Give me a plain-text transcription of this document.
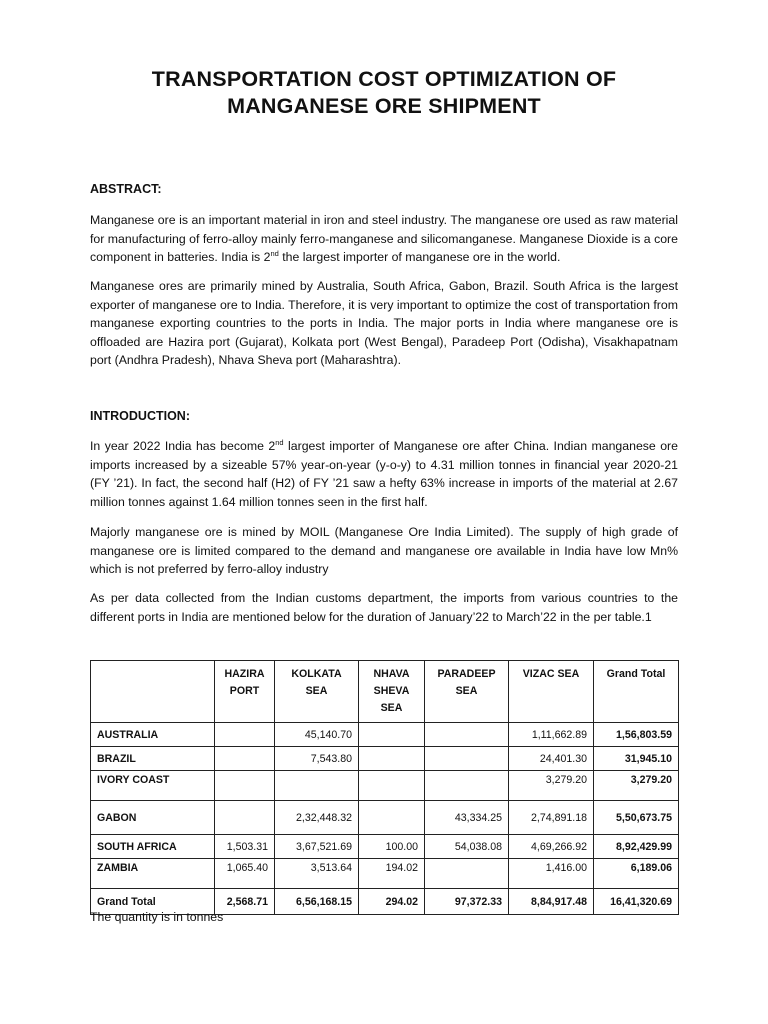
TRANSPORTATION COST OPTIMIZATION OF
MANGANESE ORE SHIPMENT
ABSTRACT:

Manganese ore is an important material in iron and steel industry. The manganese ore used as raw material for manufacturing of ferro-alloy mainly ferro-manganese and silicomanganese. Manganese Dioxide is a core component in batteries. India is 2nd the largest importer of manganese ore in the world.

Manganese ores are primarily mined by Australia, South Africa, Gabon, Brazil. South Africa is the largest exporter of manganese ore to India. Therefore, it is very important to optimize the cost of transportation from manganese exporting countries to the ports in India. The major ports in India where manganese ore is offloaded are Hazira port (Gujarat), Kolkata port (West Bengal), Paradeep Port (Odisha), Visakhapatnam port (Andhra Pradesh), Nhava Sheva port (Maharashtra).

INTRODUCTION:

In year 2022 India has become 2nd largest importer of Manganese ore after China. Indian manganese ore imports increased by a sizeable 57% year-on-year (y-o-y) to 4.31 million tonnes in financial year 2020-21 (FY ’21). In fact, the second half (H2) of FY ’21 saw a hefty 63% increase in imports of the material at 2.67 million tonnes against 1.64 million tonnes seen in the first half.

Majorly manganese ore is mined by MOIL (Manganese Ore India Limited). The supply of high grade of manganese ore is limited compared to the demand and manganese ore available in India have low Mn% which is not preferred by ferro-alloy industry

As per data collected from the Indian customs department, the imports from various countries to the different ports in India are mentioned below for the duration of January’22 to March’22 in the per table.1

	HAZIRA
PORT	KOLKATA SEA	NHAVA
SHEVA
SEA	PARADEEP
SEA	VIZAC SEA	Grand Total
AUSTRALIA		45,140.70			1,11,662.89	1,56,803.59
BRAZIL		7,543.80			24,401.30	31,945.10
IVORY COAST					3,279.20	3,279.20
GABON		2,32,448.32		43,334.25	2,74,891.18	5,50,673.75
SOUTH AFRICA	1,503.31	3,67,521.69	100.00	54,038.08	4,69,266.92	8,92,429.99
ZAMBIA	1,065.40	3,513.64	194.02		1,416.00	6,189.06
Grand Total	2,568.71	6,56,168.15	294.02	97,372.33	8,84,917.48	16,41,320.69
The quantity is in tonnes
